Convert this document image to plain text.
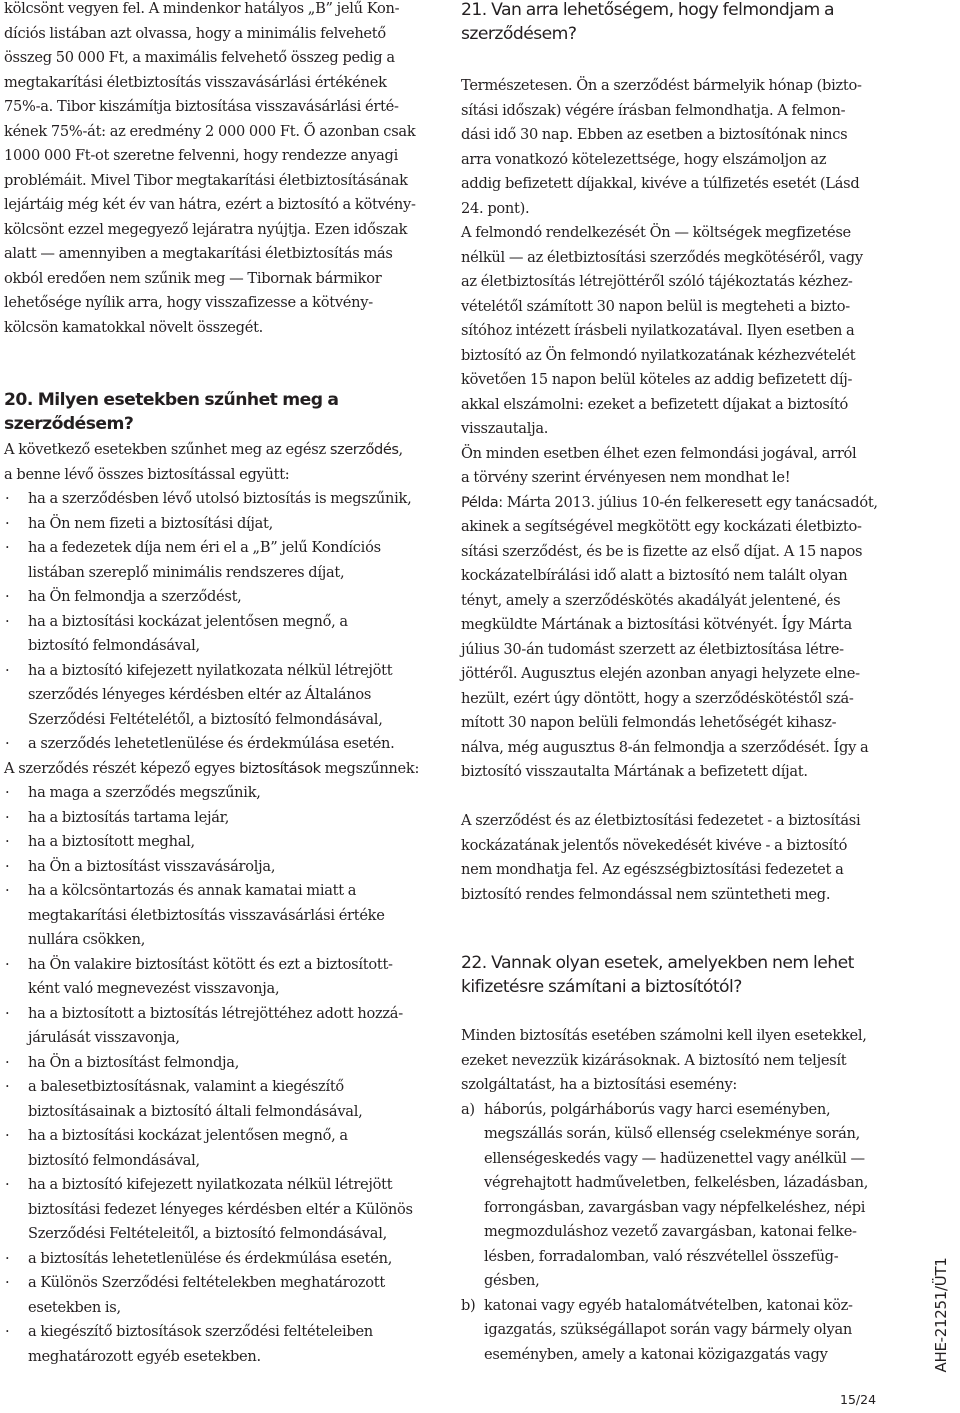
kölcsönt vegyen fel. A mindenkor hatályos „B” jelű Kon-
díciós listában azt olvassa, hogy a minimális felvehető
összeg 50 000 Ft, a maximális felvehető összeg pedig a
megtakarítási életbiztosítás visszavásárlási értékének
75%-a. Tibor kiszámítja biztosítása visszavásárlási érté-
kének 75%-át: az eredmény 2 000 000 Ft. Ő azonban csak
1000 000 Ft-ot szeretne felvenni, hogy rendezze anyagi
problémáit. Mivel Tibor megtakarítási életbiztosításának
lejártáig még két év van hátra, ezért a biztosító a kötvény-
kölcsönt ezzel megegyező lejáratra nyújtja. Ezen időszak
alatt — amennyiben a megtakarítási életbiztosítás más
okból eredően nem szűnik meg — Tibornak bármikor
lehetősége nyílik arra, hogy visszafizesse a kötvény-
kölcsön kamatokkal növelt összegét.
20. Milyen esetekben szűnhet meg a szerződésem?
A következő esetekben szűnhet meg az egész szerződés,
a benne lévő összes biztosítással együtt:
· ha a szerződésben lévő utolsó biztosítás is megszűnik,
· ha Ön nem fizeti a biztosítási díjat,
· ha a fedezetek díja nem éri el a „B” jelű Kondíciós
listában szereplő minimális rendszeres díjat,
· ha Ön felmondja a szerződést,
· ha a biztosítási kockázat jelentősen megnő, a
biztosító felmondásával,
· ha a biztosító kifejezett nyilatkozata nélkül létrejött
szerződés lényeges kérdésben eltér az Általános
Szerződési Feltételétől, a biztosító felmondásával,
· a szerződés lehetetlenülése és érdekmúlása esetén.
A szerződés részét képező egyes biztosítások megszűnnek:
· ha maga a szerződés megszűnik,
· ha a biztosítás tartama lejár,
· ha a biztosított meghal,
· ha Ön a biztosítást visszavásárolja,
· ha a kölcsöntartozás és annak kamatai miatt a
megtakarítási életbiztosítás visszavásárlási értéke
nullára csökken,
· ha Ön valakire biztosítást kötött és ezt a biztosított-
ként való megnevezést visszavonja,
· ha a biztosított a biztosítás létrejöttéhez adott hozzá-
járulását visszavonja,
· ha Ön a biztosítást felmondja,
· a balesetbiztosításnak, valamint a kiegészítő
biztosításainak a biztosító általi felmondásával,
· ha a biztosítási kockázat jelentősen megnő, a
biztosító felmondásával,
· ha a biztosító kifejezett nyilatkozata nélkül létrejött
biztosítási fedezet lényeges kérdésben eltér a Különös
Szerződési Feltételeitől, a biztosító felmondásával,
· a biztosítás lehetetlenülése és érdekmúlása esetén,
· a Különös Szerződési feltételekben meghatározott
esetekben is,
· a kiegészítő biztosítások szerződési feltételeiben
meghatározott egyéb esetekben.
21. Van arra lehetőségem, hogy felmondjam a
szerződésem?
Természetesen. Ön a szerződést bármelyik hónap (bizto-
sítási időszak) végére írásban felmondhatja. A felmon-
dási idő 30 nap. Ebben az esetben a biztosítónak nincs
arra vonatkozó kötelezettsége, hogy elszámoljon az
addig befizetett díjakkal, kivéve a túlfizetés esetét (Lásd
24. pont).
A felmondó rendelkezését Ön — költségek megfizetése
nélkül — az életbiztosítási szerződés megkötéséről, vagy
az életbiztosítás létrejöttéről szóló tájékoztatás kézhez-
vételétől számított 30 napon belül is megteheti a bizto-
sítóhoz intézett írásbeli nyilatkozatával. Ilyen esetben a
biztosító az Ön felmondó nyilatkozatának kézhezvételét
követően 15 napon belül köteles az addig befizetett díj-
akkal elszámolni: ezeket a befizetett díjakat a biztosító
visszautalja.
Ön minden esetben élhet ezen felmondási jogával, arról
a törvény szerint érvényesen nem mondhat le!
Példa: Márta 2013. július 10-én felkeresett egy tanácsadót,
akinek a segítségével megkötött egy kockázati életbizto-
sítási szerződést, és be is fizette az első díjat. A 15 napos
kockázatelbírálási idő alatt a biztosító nem talált olyan
tényt, amely a szerződéskötés akadályát jelentené, és
megküldte Mártának a biztosítási kötvényét. Így Márta
július 30-án tudomást szerzett az életbiztosítása létre-
jöttéről. Augusztus elején azonban anyagi helyzete elne-
hezült, ezért úgy döntött, hogy a szerződéskötéstől szá-
mított 30 napon belüli felmondás lehetőségét kihasz-
nálva, még augusztus 8-án felmondja a szerződését. Így a
biztosító visszautalta Mártának a befizetett díjat.
A szerződést és az életbiztosítási fedezetet - a biztosítási
kockázatának jelentős növekedését kivéve - a biztosító
nem mondhatja fel. Az egészségbiztosítási fedezetet a
biztosító rendes felmondással nem szüntetheti meg.
22. Vannak olyan esetek, amelyekben nem lehet
kifizetésre számítani a biztosítótól?
Minden biztosítás esetében számolni kell ilyen esetekkel,
ezeket nevezzük kizárásoknak. A biztosító nem teljesít
szolgáltatást, ha a biztosítási esemény:
a) háborús, polgárháborús vagy harci eseményben,
megszállás során, külső ellenség cselekménye során,
ellenségeskedés vagy — hadüzenettel vagy anélkül —
végrehajtott hadműveletben, felkelésben, lázadásban,
forrongásban, zavargásban vagy népfelkeléshez, népi
megmozduláshoz vezető zavargásban, katonai felke-
lésben, forradalomban, való részvétellel összefüg-
gésben,
b) katonai vagy egyéb hatalomátvételben, katonai köz-
igazgatás, szükségállapot során vagy bármely olyan
eseményben, amely a katonai közigazgatás vagy	AHE-21251/ÜT1
15/24
